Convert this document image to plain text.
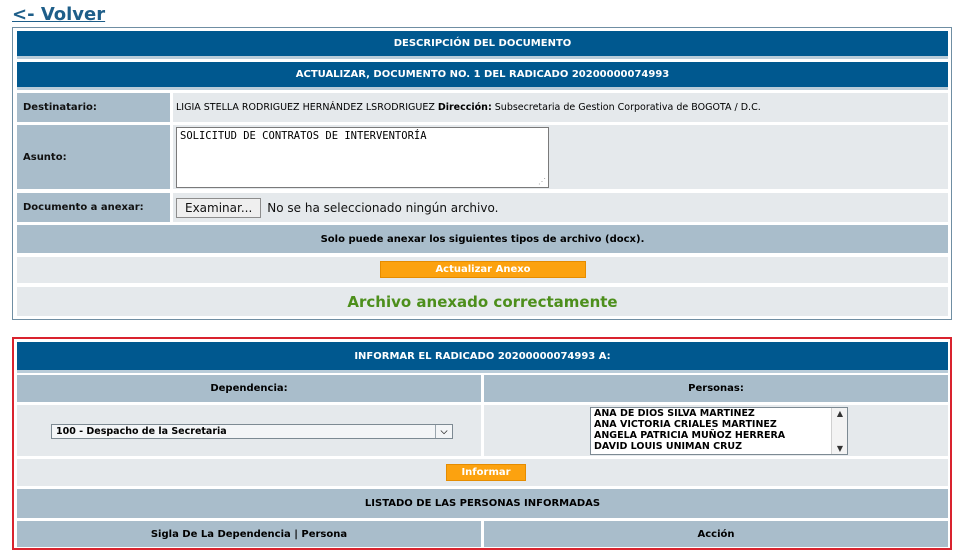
<- Volver
DESCRIPCIÓN DEL DOCUMENTO
ACTUALIZAR, DOCUMENTO NO. 1 DEL RADICADO 20200000074993
Destinatario:	LIGIA STELLA RODRIGUEZ HERNÁNDEZ LSRODRIGUEZ
Dirección:
Subsecretaria de Gestion Corporativa de BOGOTA / D.C.
Asunto:
SOLICITUD DE CONTRATOS DE INTERVENTORÍA
⋰
Documento a anexar:	Examinar...	No se ha seleccionado ningún archivo.
Solo puede anexar los siguientes tipos de archivo (docx).
Actualizar Anexo
Archivo anexado correctamente
INFORMAR EL RADICADO 20200000074993 A:
Dependencia:	Personas:
100 - Despacho de la Secretaria	⌵
ANA DE DIOS SILVA MARTINEZ
ANA VICTORIA CRIALES MARTINEZ
ANGELA PATRICIA MUÑOZ HERRERA
DAVID LOUIS UNIMAN CRUZ
▲
▼
Informar
LISTADO DE LAS PERSONAS INFORMADAS
Sigla De La Dependencia | Persona	Acción
